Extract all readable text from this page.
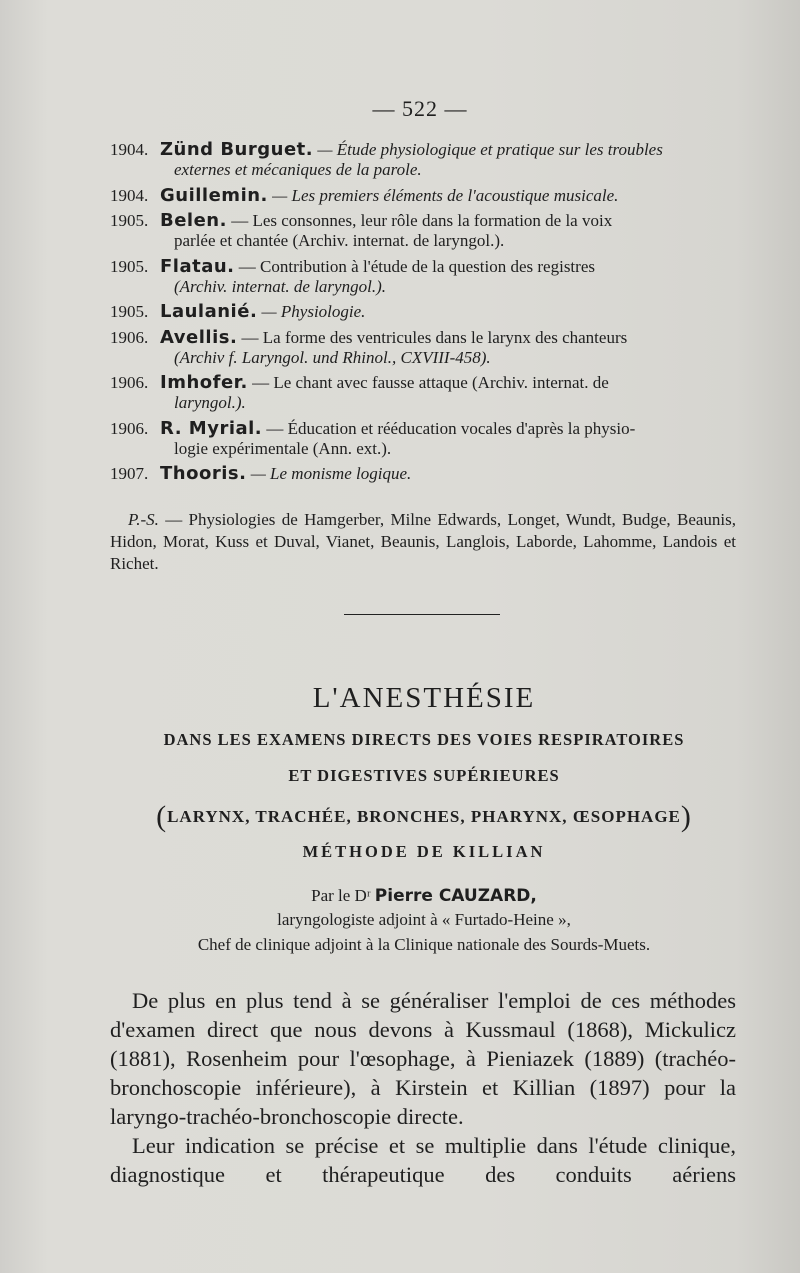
— 522 —
1904. Zünd Burguet. — Étude physiologique et pratique sur les troubles
externes et mécaniques de la parole.
1904. Guillemin. — Les premiers éléments de l'acoustique musicale.
1905. Belen. — Les consonnes, leur rôle dans la formation de la voix
parlée et chantée (Archiv. internat. de laryngol.).
1905. Flatau. — Contribution à l'étude de la question des registres
(Archiv. internat. de laryngol.).
1905. Laulanié. — Physiologie.
1906. Avellis. — La forme des ventricules dans le larynx des chanteurs
(Archiv f. Laryngol. und Rhinol., CXVIII-458).
1906. Imhofer. — Le chant avec fausse attaque (Archiv. internat. de
laryngol.).
1906. R. Myrial. — Éducation et rééducation vocales d'après la physio-
logie expérimentale (Ann. ext.).
1907. Thooris. — Le monisme logique.
P.-S. — Physiologies de Hamgerber, Milne Edwards, Longet, Wundt, Budge, Beaunis, Hidon, Morat, Kuss et Duval, Vianet, Beaunis, Langlois, Laborde, Lahomme, Landois et Richet.
L'ANESTHÉSIE
DANS LES EXAMENS DIRECTS DES VOIES RESPIRATOIRES
ET DIGESTIVES SUPÉRIEURES
(LARYNX, TRACHÉE, BRONCHES, PHARYNX, ŒSOPHAGE)
MÉTHODE DE KILLIAN
Par le Dʳ Pierre CAUZARD,
laryngologiste adjoint à « Furtado-Heine »,
Chef de clinique adjoint à la Clinique nationale des Sourds-Muets.

De plus en plus tend à se généraliser l'emploi de ces méthodes d'examen direct que nous devons à Kussmaul (1868), Mickulicz (1881), Rosenheim pour l'œsophage, à Pieniazek (1889) (trachéo-bronchoscopie inférieure), à Kirstein et Killian (1897) pour la laryngo-trachéo-bronchoscopie directe.

Leur indication se précise et se multiplie dans l'étude clinique, diagnostique et thérapeutique des conduits aériens
